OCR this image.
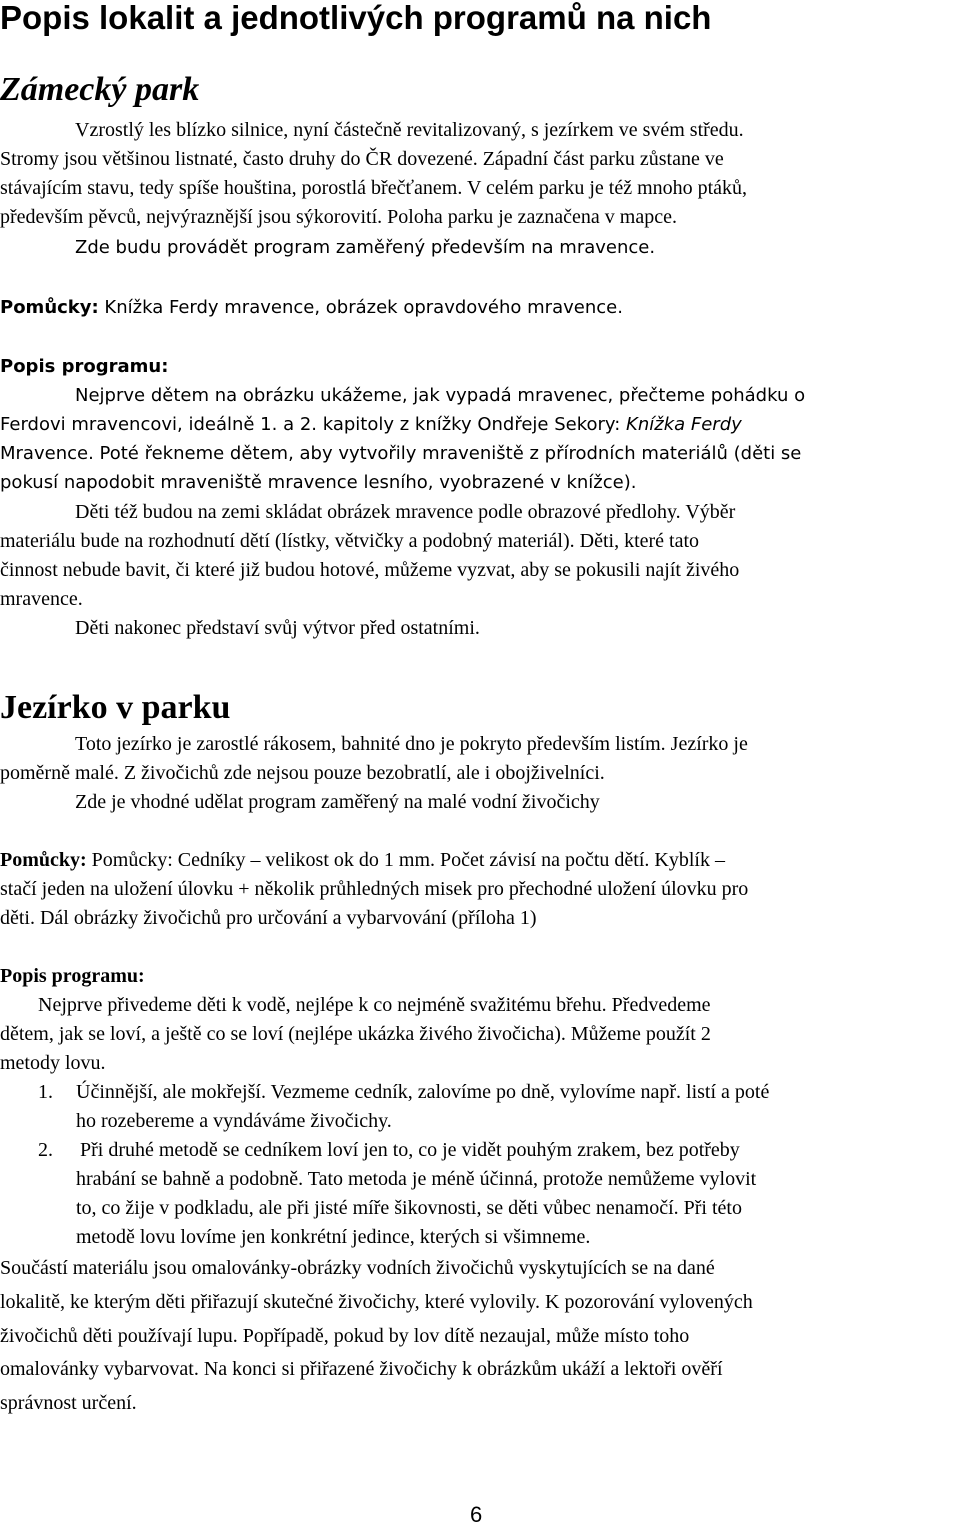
Popis lokalit a jednotlivých programů na nich
Zámecký park
Vzrostlý les blízko silnice, nyní částečně revitalizovaný, s jezírkem ve svém středu.
Stromy jsou většinou listnaté, často druhy do ČR dovezené. Západní část parku zůstane ve
stávajícím stavu, tedy spíše houština, porostlá břečťanem. V celém parku je též mnoho ptáků,
především pěvců, nejvýraznější jsou sýkorovití. Poloha parku je zaznačena v mapce.
Zde budu provádět program zaměřený především na mravence.
Pomůcky: Knížka Ferdy mravence, obrázek opravdového mravence.
Popis programu:
Nejprve dětem na obrázku ukážeme, jak vypadá mravenec, přečteme pohádku o
Ferdovi mravencovi, ideálně 1. a 2. kapitoly z knížky Ondřeje Sekory: Knížka Ferdy
Mravence. Poté řekneme dětem, aby vytvořily mraveniště z přírodních materiálů (děti se
pokusí napodobit mraveniště mravence lesního, vyobrazené v knížce).
Děti též budou na zemi skládat obrázek mravence podle obrazové předlohy. Výběr
materiálu bude na rozhodnutí dětí (lístky, větvičky a podobný materiál). Děti, které tato
činnost nebude bavit, či které již budou hotové, můžeme vyzvat, aby se pokusili najít živého
mravence.
Děti nakonec představí svůj výtvor před ostatními.
Jezírko v parku
Toto jezírko je zarostlé rákosem, bahnité dno je pokryto především listím. Jezírko je
poměrně malé. Z živočichů zde nejsou pouze bezobratlí, ale i obojživelníci.
Zde je vhodné udělat program zaměřený na malé vodní živočichy
Pomůcky: Pomůcky: Cedníky – velikost ok do 1 mm. Počet závisí na počtu dětí. Kyblík –
stačí jeden na uložení úlovku + několik průhledných misek pro přechodné uložení úlovku pro
děti. Dál obrázky živočichů pro určování a vybarvování (příloha 1)
Popis programu:
Nejprve přivedeme děti k vodě, nejlépe k co nejméně svažitému břehu. Předvedeme
dětem, jak se loví, a ještě co se loví (nejlépe ukázka živého živočicha). Můžeme použít 2
metody lovu.
1. Účinnější, ale mokřejší. Vezmeme cedník, zalovíme po dně, vylovíme např. listí a poté
ho rozebereme a vyndáváme živočichy.
2. Při druhé metodě se cedníkem loví jen to, co je vidět pouhým zrakem, bez potřeby
hrabání se bahně a podobně. Tato metoda je méně účinná, protože nemůžeme vylovit
to, co žije v podkladu, ale při jisté míře šikovnosti, se děti vůbec nenamočí. Při této
metodě lovu lovíme jen konkrétní jedince, kterých si všimneme.
Součástí materiálu jsou omalovánky-obrázky vodních živočichů vyskytujících se na dané
lokalitě, ke kterým děti přiřazují skutečné živočichy, které vylovily. K pozorování vylovených
živočichů děti používají lupu. Popřípadě, pokud by lov dítě nezaujal, může místo toho
omalovánky vybarvovat. Na konci si přiřazené živočichy k obrázkům ukáží a lektoři ověří
správnost určení.
6
